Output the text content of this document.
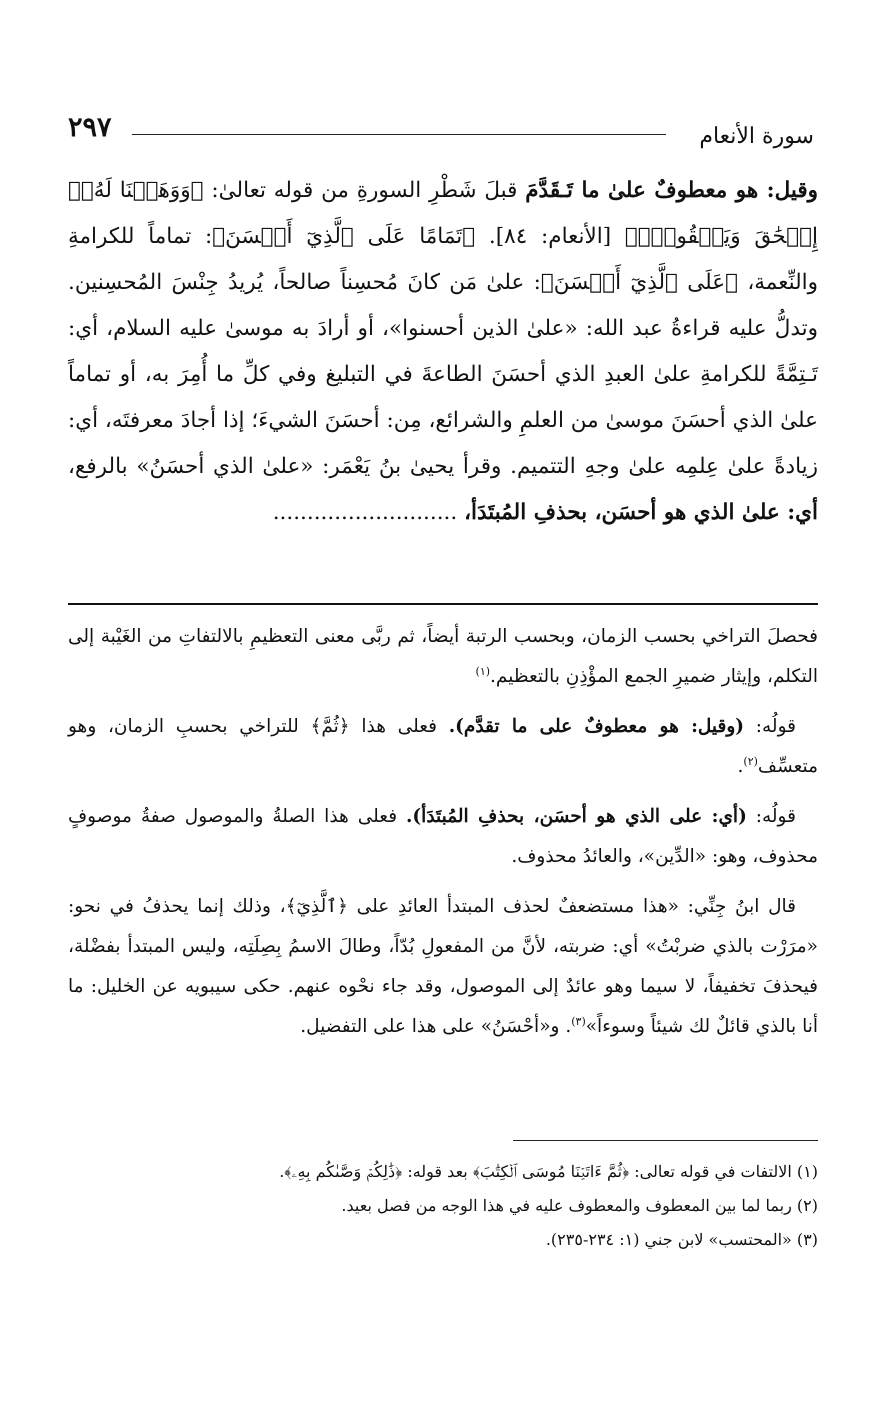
سورة الأنعام
٢٩٧

وقيل: هو معطوفٌ علىٰ ما تَـقَدَّمَ قبلَ شَطْرِ السورةِ من قوله تعالىٰ: ﴿وَوَهَبۡنَا لَهُۥٓ إِسۡحَٰقَ وَيَعۡقُوبَۚ﴾ [الأنعام: ٨٤]. ﴿تَمَامًا عَلَى ٱلَّذِيٓ أَحۡسَنَ﴾: تماماً للكرامةِ والنِّعمة، ﴿عَلَى ٱلَّذِيٓ أَحۡسَنَ﴾: علىٰ مَن كانَ مُحسِناً صالحاً، يُريدُ جِنْسَ المُحسِنين. وتدلُّ عليه قراءةُ عبد الله: «علىٰ الذين أحسنوا»، أو أرادَ به موسىٰ عليه السلام، أي: تَـتِمَّةً للكرامةِ علىٰ العبدِ الذي أحسَنَ الطاعةَ في التبليغ وفي كلِّ ما أُمِرَ به، أو تماماً علىٰ الذي أحسَنَ موسىٰ من العلمِ والشرائع، مِن: أحسَنَ الشيءَ؛ إذا أجادَ معرفتَه، أي: زيادةً علىٰ عِلمِه علىٰ وجهِ التتميم. وقرأ يحيىٰ بنُ يَعْمَر: «علىٰ الذي أحسَنُ» بالرفع، أي: علىٰ الذي هو أحسَن، بحذفِ المُبتَدَأ، ...........................

فحصلَ التراخي بحسب الزمان، وبحسب الرتبة أيضاً، ثم ربَّى معنى التعظيمِ بالالتفاتِ من الغَيْبة إلى التكلم، وإيثار ضميرِ الجمع المؤْذِنِ بالتعظيم.$^{(١)}$

قولُه: (وقيل: هو معطوفٌ على ما تقدَّم). فعلى هذا ﴿ثُمَّ﴾ للتراخي بحسبِ الزمان، وهو متعسِّف$^{(٢)}$.

قولُه: (أي: على الذي هو أحسَن، بحذفِ المُبتَدَأ). فعلى هذا الصلةُ والموصول صفةُ موصوفٍ محذوف، وهو: «الدِّين»، والعائدُ محذوف.

قال ابنُ جِنِّي: «هذا مستضعفٌ لحذف المبتدأ العائدِ على ﴿ٱلَّذِيٓ﴾، وذلك إنما يحذفُ في نحو: «مرَرْت بالذي ضربْتُ» أي: ضربته، لأنَّ من المفعولِ بُدّاً، وطالَ الاسمُ بِصِلَتِه، وليس المبتدأ بفضْلة، فيحذفَ تخفيفاً، لا سيما وهو عائدٌ إلى الموصول، وقد جاء نحْوه عنهم. حكى سيبويه عن الخليل: ما أنا بالذي قائلٌ لك شيئاً وسوءاً»$^{(٣)}$. و«أحْسَنُ» على هذا على التفضيل.

(١) الالتفات في قوله تعالى: ﴿ثُمَّ ءَاتَيۡنَا مُوسَى ٱلۡكِتَٰبَ﴾ بعد قوله: ﴿ذَٰلِكُمۡ وَصَّىٰكُم بِهِۦ﴾.

(٢) ربما لما بين المعطوف والمعطوف عليه في هذا الوجه من فصل بعيد.

(٣) «المحتسب» لابن جني (١: ٢٣٤-٢٣٥).
